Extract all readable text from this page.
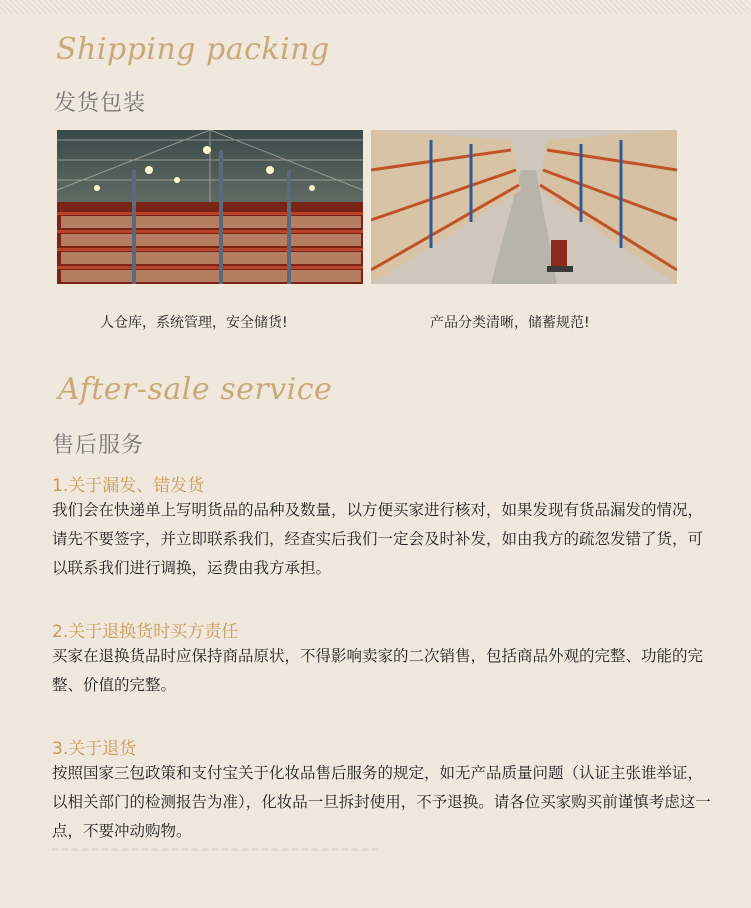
Shipping packing
发货包装
人仓库，系统管理，安全储货!	产品分类清晰，储蓄规范!
After-sale service
售后服务
1.关于漏发、错发货
我们会在快递单上写明货品的品种及数量，以方便买家进行核对，如果发现有货品漏发的情况，请先不要签字，并立即联系我们，经查实后我们一定会及时补发，如由我方的疏忽发错了货，可以联系我们进行调换，运费由我方承担。
2.关于退换货时买方责任
买家在退换货品时应保持商品原状，不得影响卖家的二次销售，包括商品外观的完整、功能的完整、价值的完整。
3.关于退货
按照国家三包政策和支付宝关于化妆品售后服务的规定，如无产品质量问题（认证主张谁举证，以相关部门的检测报告为准），化妆品一旦拆封使用，不予退换。请各位买家购买前谨慎考虑这一点，不要冲动购物。
